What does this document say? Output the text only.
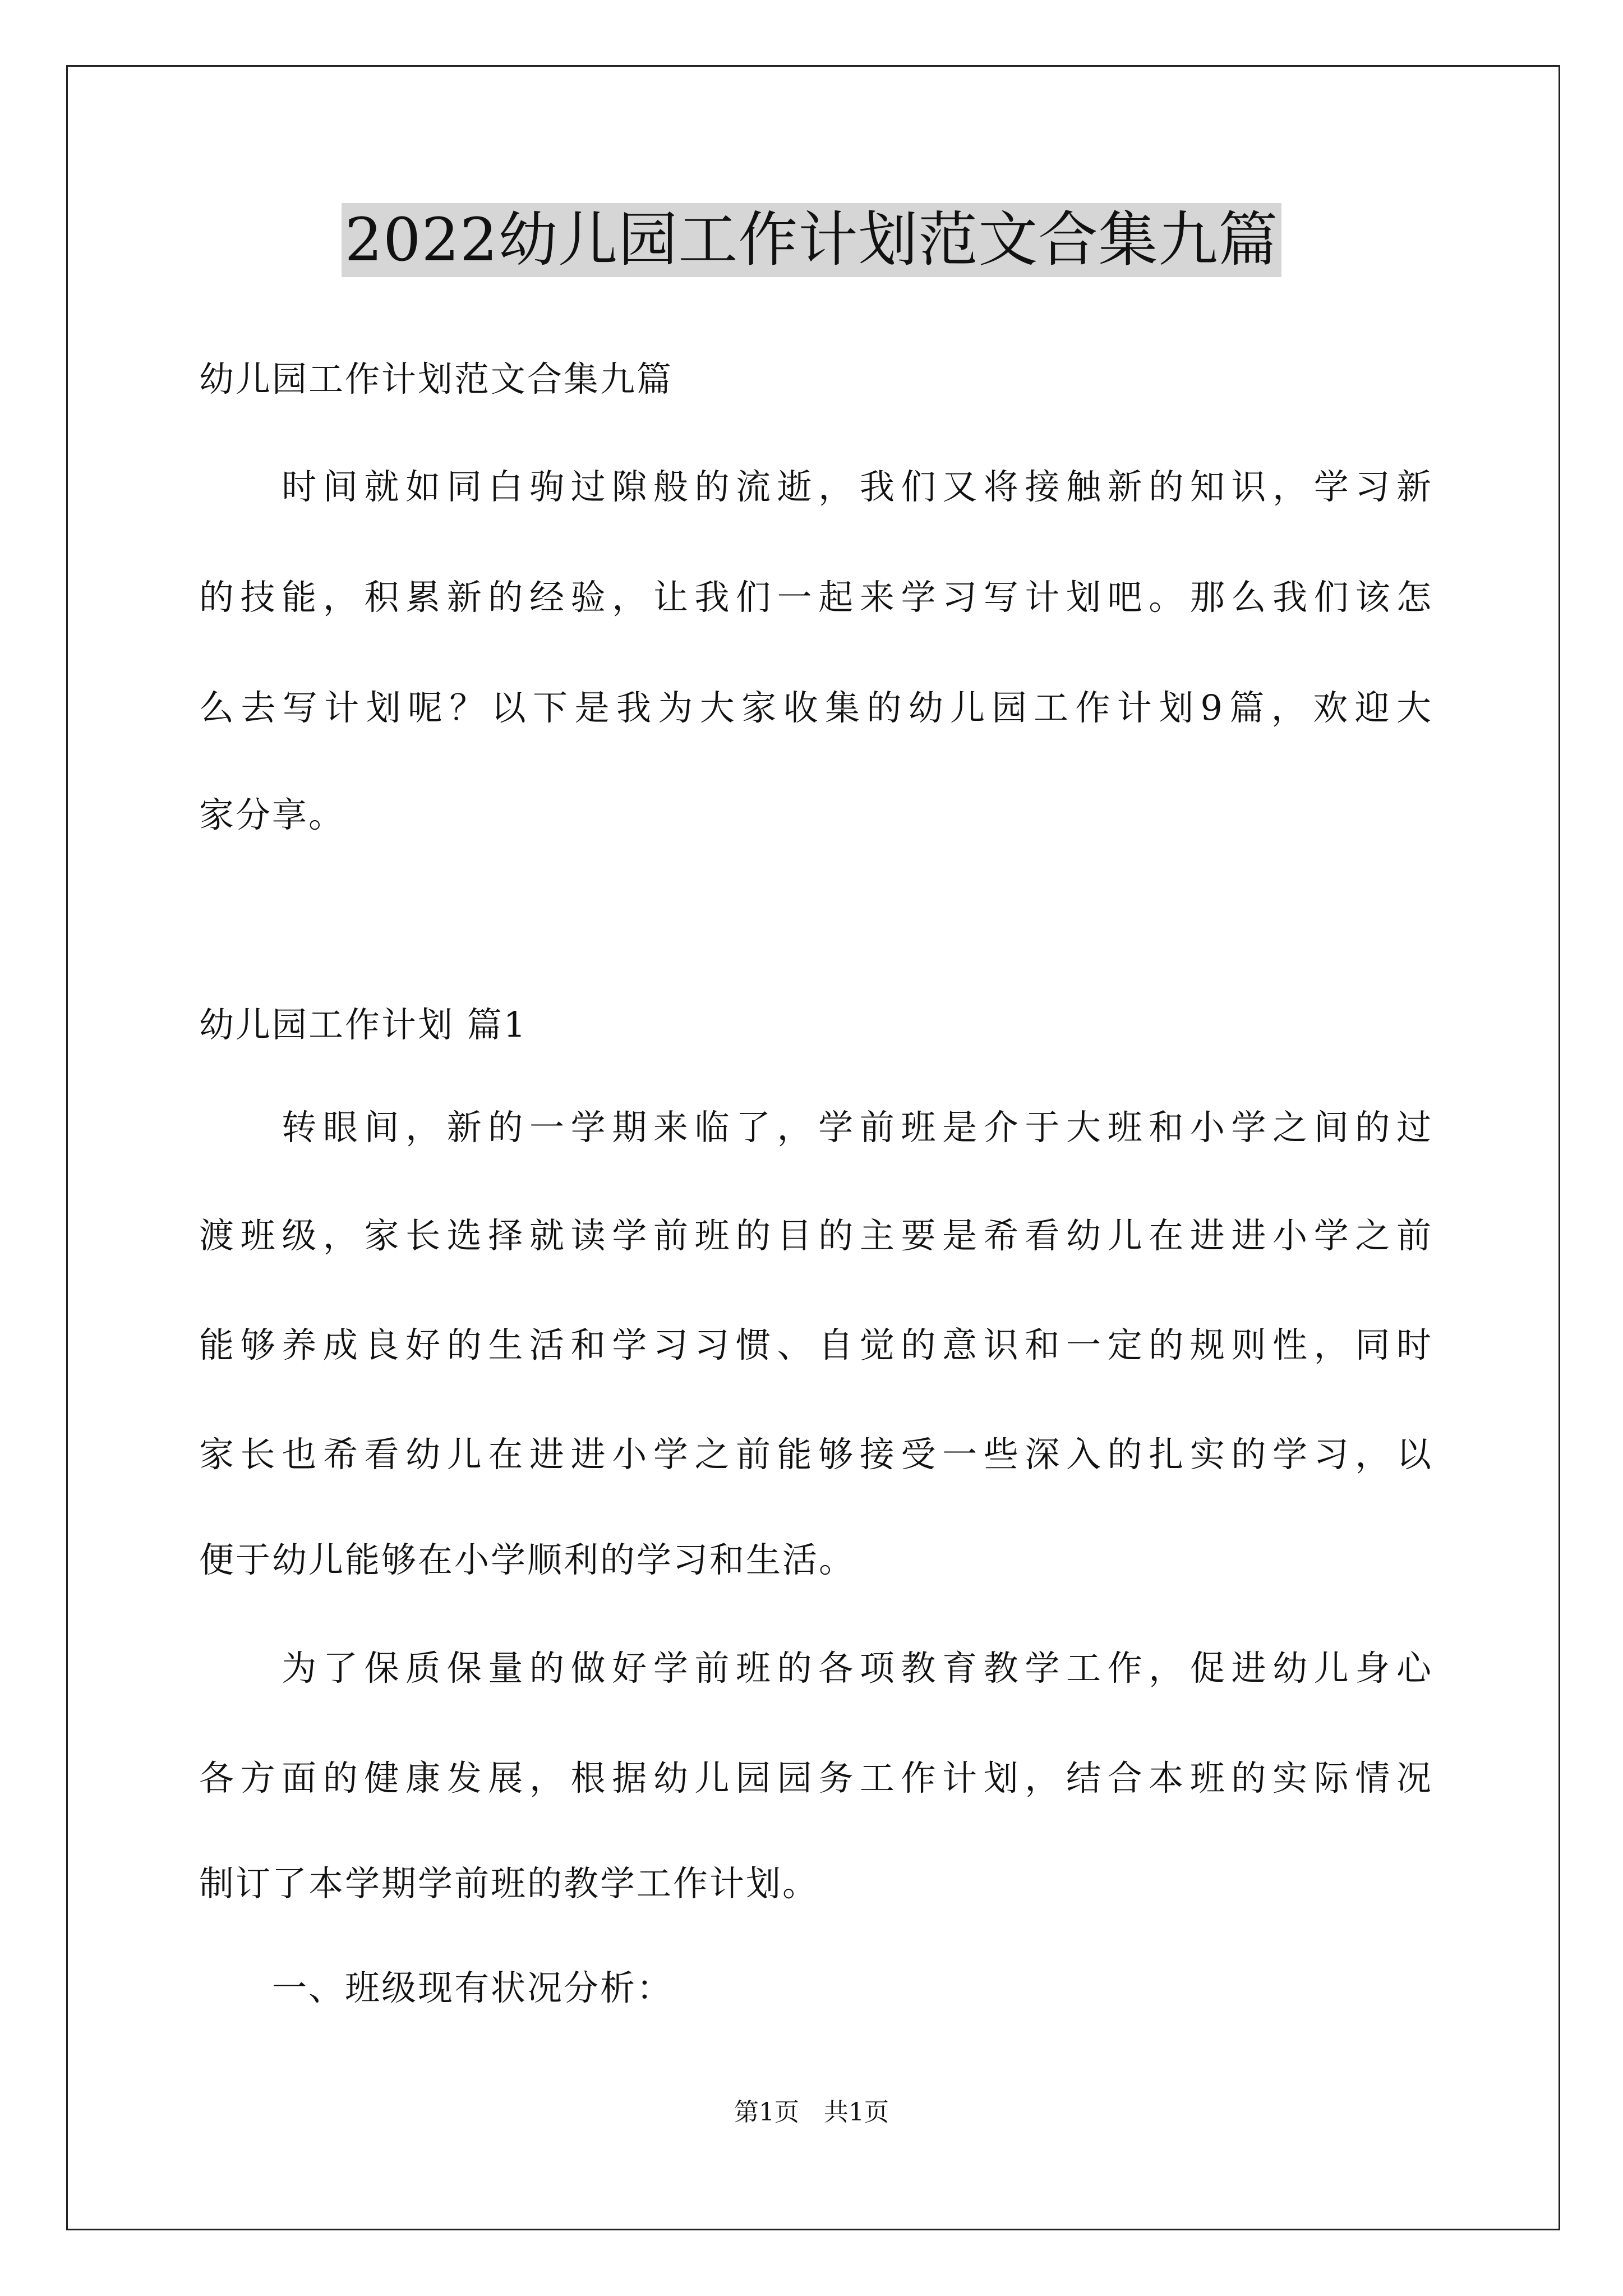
2022幼儿园工作计划范文合集九篇
幼儿园工作计划范文合集九篇
　　时间就如同白驹过隙般的流逝，我们又将接触新的知识，学习新
的技能，积累新的经验，让我们一起来学习写计划吧。那么我们该怎
么去写计划呢？以下是我为大家收集的幼儿园工作计划9篇，欢迎大
家分享。
幼儿园工作计划 篇1
　　转眼间，新的一学期来临了，学前班是介于大班和小学之间的过
渡班级，家长选择就读学前班的目的主要是希看幼儿在进进小学之前
能够养成良好的生活和学习习惯、自觉的意识和一定的规则性，同时
家长也希看幼儿在进进小学之前能够接受一些深入的扎实的学习，以
便于幼儿能够在小学顺利的学习和生活。
　　为了保质保量的做好学前班的各项教育教学工作，促进幼儿身心
各方面的健康发展，根据幼儿园园务工作计划，结合本班的实际情况
制订了本学期学前班的教学工作计划。
　　一、班级现有状况分析：
第1页　共1页
